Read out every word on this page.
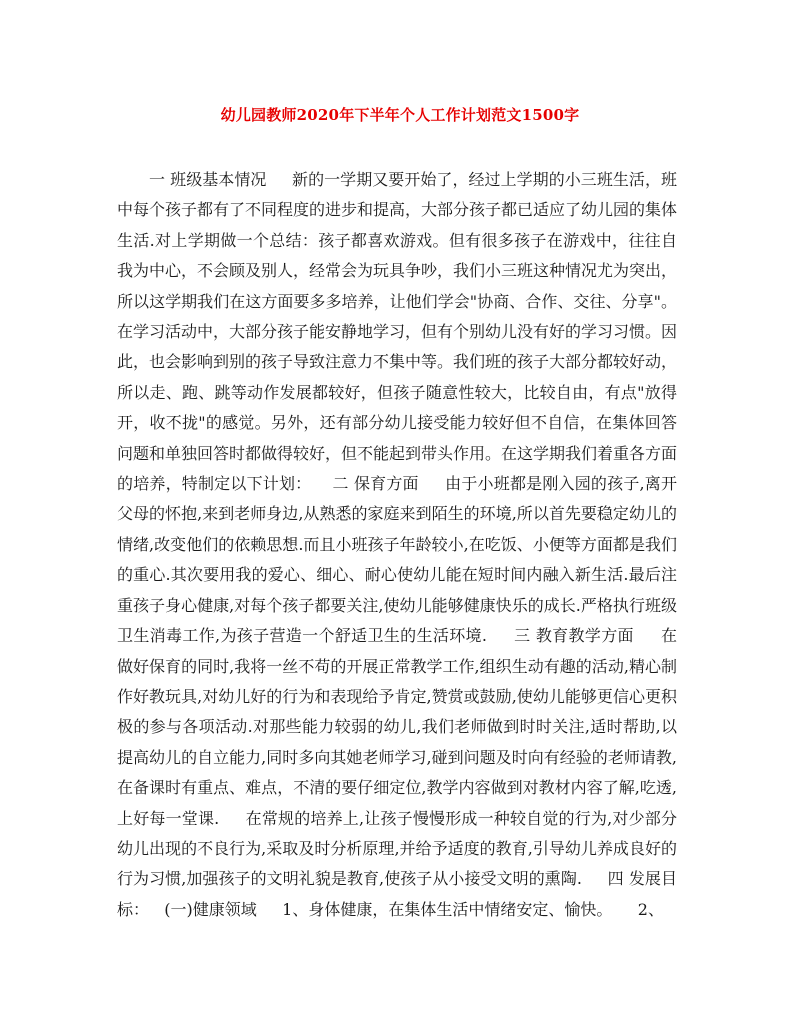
幼儿园教师2020年下半年个人工作计划范文1500字

一 班级基本情况     新的一学期又要开始了，经过上学期的小三班生活，班中每个孩子都有了不同程度的进步和提高，大部分孩子都已适应了幼儿园的集体生活.对上学期做一个总结：孩子都喜欢游戏。但有很多孩子在游戏中，往往自我为中心，不会顾及别人，经常会为玩具争吵，我们小三班这种情况尤为突出，所以这学期我们在这方面要多多培养，让他们学会"协商、合作、交往、分享"。在学习活动中，大部分孩子能安静地学习，但有个别幼儿没有好的学习习惯。因此，也会影响到别的孩子导致注意力不集中等。我们班的孩子大部分都较好动，所以走、跑、跳等动作发展都较好，但孩子随意性较大，比较自由，有点"放得开，收不拢"的感觉。另外，还有部分幼儿接受能力较好但不自信，在集体回答问题和单独回答时都做得较好，但不能起到带头作用。在这学期我们着重各方面的培养，特制定以下计划：    二 保育方面     由于小班都是刚入园的孩子,离开父母的怀抱,来到老师身边,从熟悉的家庭来到陌生的环境,所以首先要稳定幼儿的情绪,改变他们的依赖思想.而且小班孩子年龄较小,在吃饭、小便等方面都是我们的重心.其次要用我的爱心、细心、耐心使幼儿能在短时间内融入新生活.最后注重孩子身心健康,对每个孩子都要关注,使幼儿能够健康快乐的成长.严格执行班级卫生消毒工作,为孩子营造一个舒适卫生的生活环境.     三 教育教学方面     在做好保育的同时,我将一丝不苟的开展正常教学工作,组织生动有趣的活动,精心制作好教玩具,对幼儿好的行为和表现给予肯定,赞赏或鼓励,使幼儿能够更信心更积极的参与各项活动.对那些能力较弱的幼儿,我们老师做到时时关注,适时帮助,以提高幼儿的自立能力,同时多向其她老师学习,碰到问题及时向有经验的老师请教,在备课时有重点、难点，不清的要仔细定位,教学内容做到对教材内容了解,吃透,上好每一堂课.     在常规的培养上,让孩子慢慢形成一种较自觉的行为,对少部分幼儿出现的不良行为,采取及时分析原理,并给予适度的教育,引导幼儿养成良好的行为习惯,加强孩子的文明礼貌是教育,使孩子从小接受文明的熏陶.     四 发展目标：   (一)健康领域     1、身体健康，在集体生活中情绪安定、愉快。     2、
